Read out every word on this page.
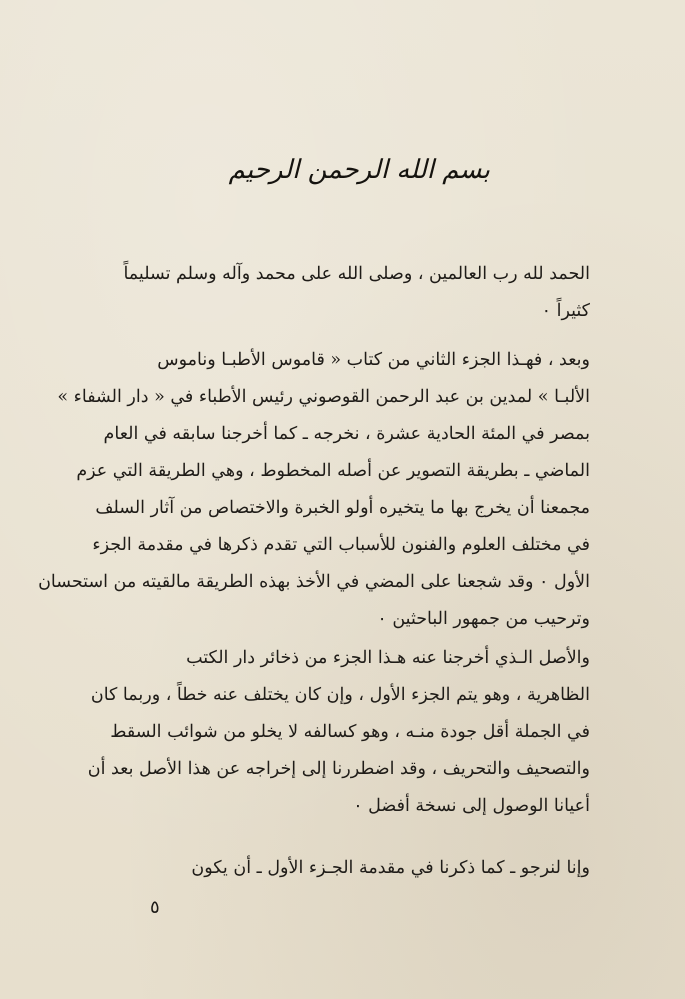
بسم الله الرحمن الرحيم
الحمد لله رب العالمين ، وصلى الله على محمد وآله وسلم تسليماً
كثيراً ٠
وبعد ، فهـذا الجزء الثاني من كتاب « قاموس الأطبـا وناموس
الألبـا » لمدين بن عبد الرحمن القوصوني رئيس الأطباء في « دار الشفاء »
بمصر في المئة الحادية عشرة ، نخرجه ـ كما أخرجنا سابقه في العام
الماضي ـ بطريقة التصوير عن أصله المخطوط ، وهي الطريقة التي عزم
مجمعنا أن يخرج بها ما يتخيره أولو الخبرة والاختصاص من آثار السلف
في مختلف العلوم والفنون للأسباب التي تقدم ذكرها في مقدمة الجزء
الأول ٠ وقد شجعنا على المضي في الأخذ بهذه الطريقة مالقيته من استحسان
وترحيب من جمهور الباحثين ٠
والأصل الـذي أخرجنا عنه هـذا الجزء من ذخائر دار الكتب
الظاهرية ، وهو يتم الجزء الأول ، وإن كان يختلف عنه خطاً ، وربما كان
في الجملة أقل جودة منـه ، وهو كسالفه لا يخلو من شوائب السقط
والتصحيف والتحريف ، وقد اضطررنا إلى إخراجه عن هذا الأصل بعد أن
أعيانا الوصول إلى نسخة أفضل ٠
وإنا لنرجو ـ كما ذكرنا في مقدمة الجـزء الأول ـ أن يكون
٥
